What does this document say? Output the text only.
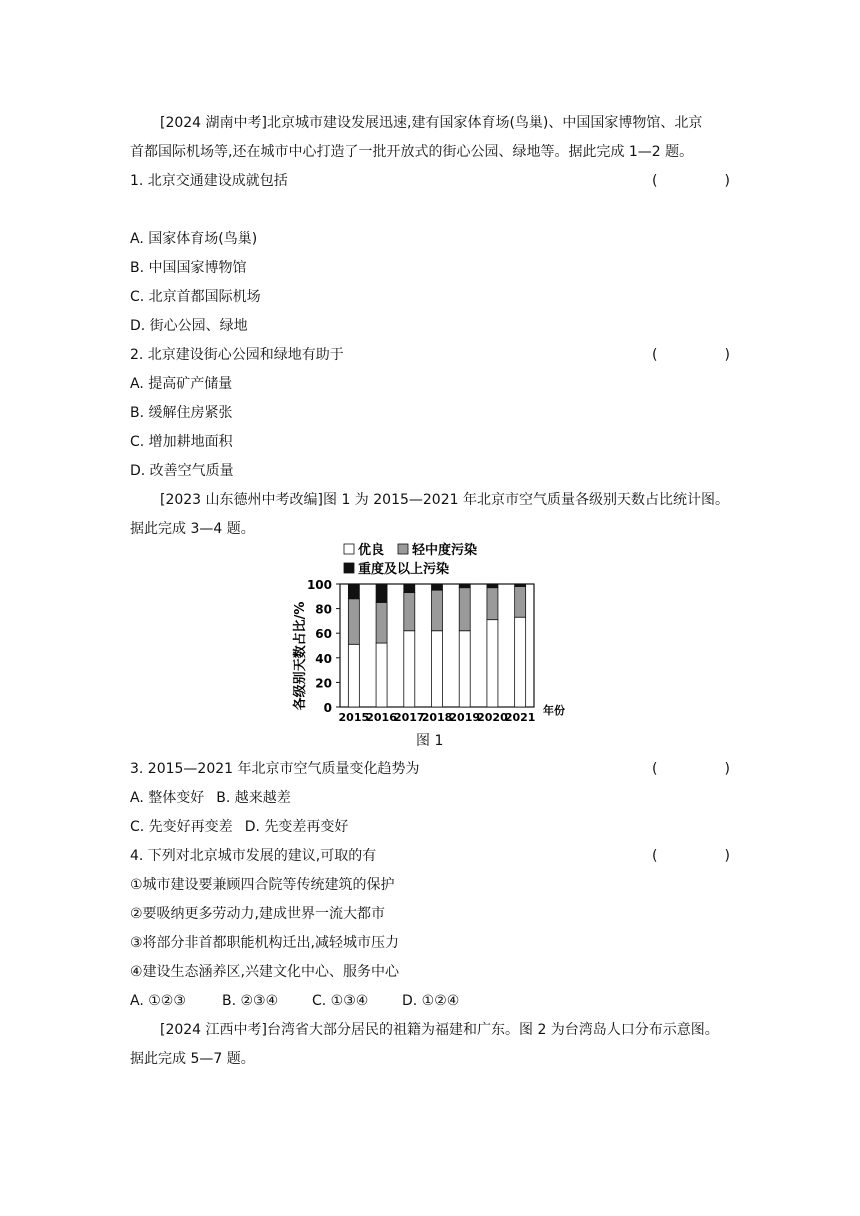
[2024 湖南中考]北京城市建设发展迅速,建有国家体育场(鸟巢)、中国国家博物馆、北京
首都国际机场等,还在城市中心打造了一批开放式的街心公园、绿地等。据此完成 1—2 题。
1. 北京交通建设成就包括	(	)
A. 国家体育场(鸟巢)
B. 中国国家博物馆
C. 北京首都国际机场
D. 街心公园、绿地
2. 北京建设街心公园和绿地有助于	(	)
A. 提高矿产储量
B. 缓解住房紧张
C. 增加耕地面积
D. 改善空气质量
[2023 山东德州中考改编]图 1 为 2015—2021 年北京市空气质量各级别天数占比统计图。
据此完成 3—4 题。
优良 轻中度污染
重度及以上污染
各级别天数占比/% 0
20
40
60
80
100
2015
2016
2017
2018
2019
2020
2021
年份
图 1
3. 2015—2021 年北京市空气质量变化趋势为	(	)
A. 整体变好 B. 越来越差
C. 先变好再变差 D. 先变差再变好
4. 下列对北京城市发展的建议,可取的有	(	)
①城市建设要兼顾四合院等传统建筑的保护
②要吸纳更多劳动力,建成世界一流大都市
③将部分非首都职能机构迁出,减轻城市压力
④建设生态涵养区,兴建文化中心、服务中心
A. ①②③	B. ②③④ C. ①③④ D. ①②④
[2024 江西中考]台湾省大部分居民的祖籍为福建和广东。图 2 为台湾岛人口分布示意图。
据此完成 5—7 题。
